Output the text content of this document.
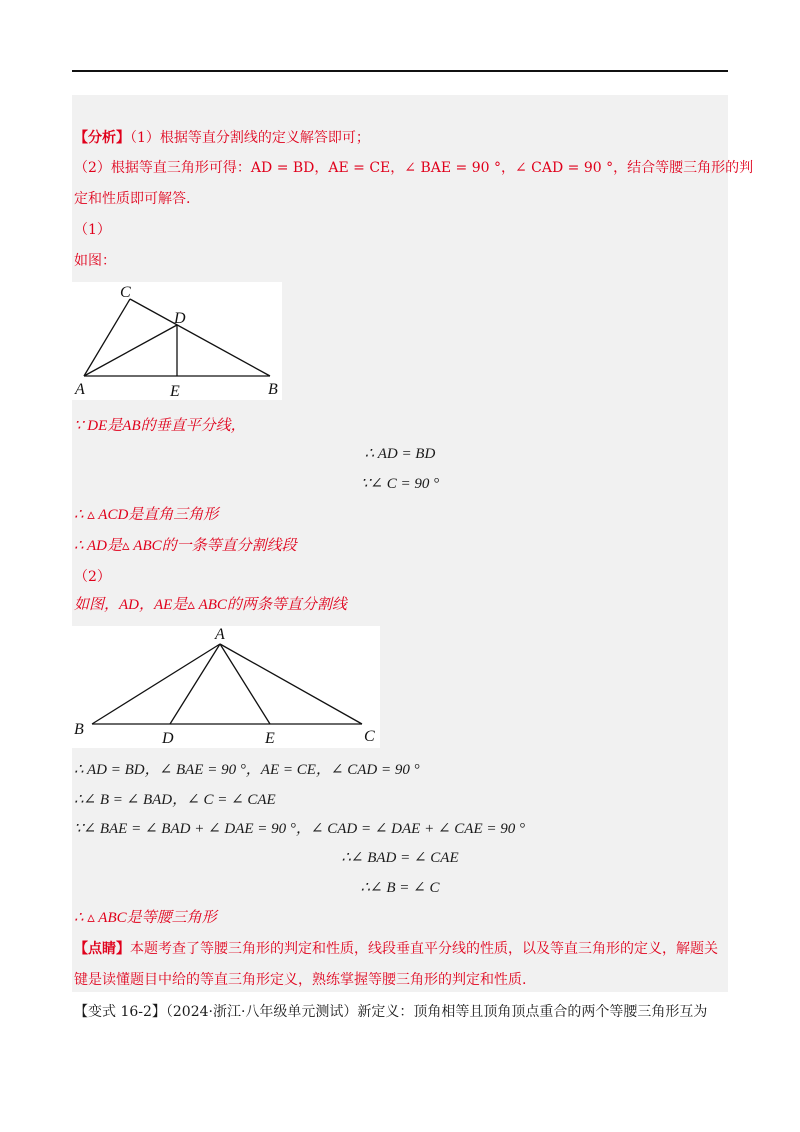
【分析】（1）根据等直分割线的定义解答即可；
（2）根据等直三角形可得：AD = BD，AE = CE，∠ BAE = 90 °，∠ CAD = 90 °，结合等腰三角形的判
定和性质即可解答.
（1）
如图：
C
D
A	E	B
∵ DE是AB的垂直平分线，
∴ AD = BD
∵∠ C = 90 °
∴ ▵ ACD是直角三角形
∴ AD是▵ ABC的一条等直分割线段
（2）
如图，AD，AE是▵ ABC的两条等直分割线
A
B
D	E	C
∴ AD = BD，∠ BAE = 90 °，AE = CE，∠ CAD = 90 °
∴∠ B = ∠ BAD，∠ C = ∠ CAE
∵∠ BAE = ∠ BAD + ∠ DAE = 90 °，∠ CAD = ∠ DAE + ∠ CAE = 90 °
∴∠ BAD = ∠ CAE
∴∠ B = ∠ C
∴ ▵ ABC是等腰三角形
【点睛】本题考查了等腰三角形的判定和性质，线段垂直平分线的性质，以及等直三角形的定义，解题关
键是读懂题目中给的等直三角形定义，熟练掌握等腰三角形的判定和性质.
【变式 16-2】（2024·浙江·八年级单元测试）新定义：顶角相等且顶角顶点重合的两个等腰三角形互为
